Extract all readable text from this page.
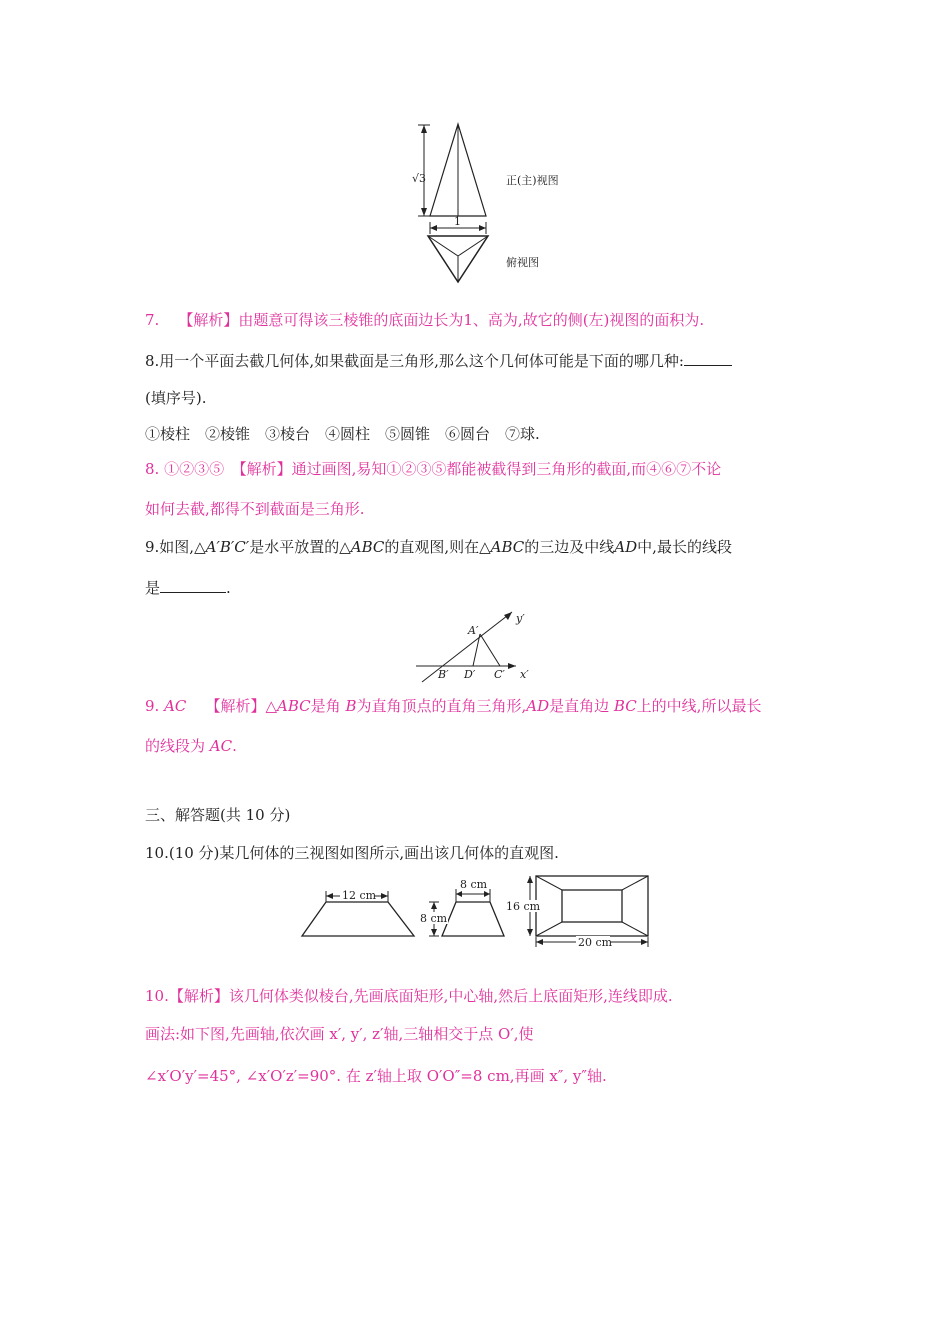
√3	正(主)视图
1
俯视图
7. 【解析】由题意可得该三棱锥的底面边长为1、高为,故它的侧(左)视图的面积为.
8.用一个平面去截几何体,如果截面是三角形,那么这个几何体可能是下面的哪几种:
(填序号).
①棱柱　②棱锥　③棱台　④圆柱　⑤圆锥　⑥圆台　⑦球.
8. ①②③⑤　【解析】通过画图,易知①②③⑤都能被截得到三角形的截面,而④⑥⑦不论
如何去截,都得不到截面是三角形.
9.如图,△A′B′C′是水平放置的△ABC的直观图,则在△ABC的三边及中线AD中,最长的线段
是	.
y′
A′
B′ D′ C′ x′
9. AC 【解析】△ABC是角 B为直角顶点的直角三角形,AD是直角边 BC上的中线,所以最长
的线段为 AC.
三、解答题(共 10 分)
10.(10 分)某几何体的三视图如图所示,画出该几何体的直观图.
12 cm
8 cm
8 cm
16 cm
20 cm
10.【解析】该几何体类似棱台,先画底面矩形,中心轴,然后上底面矩形,连线即成.
画法:如下图,先画轴,依次画 x′, y′, z′轴,三轴相交于点 O′,使
∠x′O′y′=45°, ∠x′O′z′=90°. 在 z′轴上取 O′O″=8 cm,再画 x″, y″轴.
